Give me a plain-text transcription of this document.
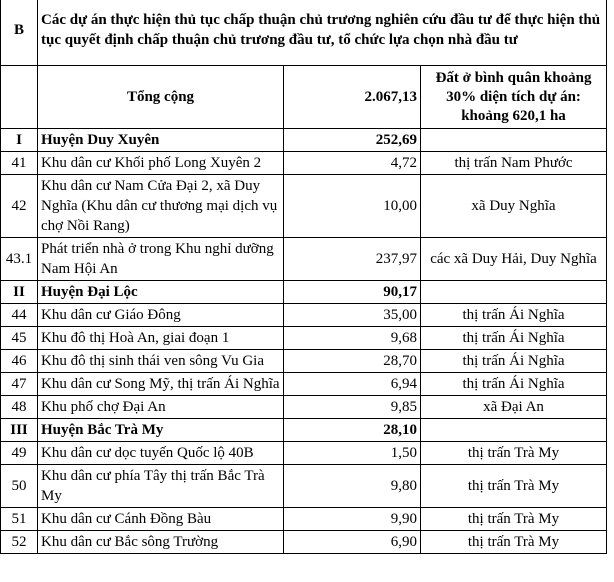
B	Các dự án thực hiện thủ tục chấp thuận chủ trương nghiên cứu đầu tư để thực hiện thủ tục quyết định chấp thuận chủ trương đầu tư, tổ chức lựa chọn nhà đầu tư		
	Tổng cộng	2.067,13	Đất ở bình quân khoảng 30% diện tích dự án: khoảng 620,1 ha
I	Huyện Duy Xuyên	252,69	
41	Khu dân cư Khối phố Long Xuyên 2	4,72	thị trấn Nam Phước
42	Khu dân cư Nam Cửa Đại 2, xã Duy Nghĩa (Khu dân cư thương mại dịch vụ chợ Nồi Rang)	10,00	xã Duy Nghĩa
43.1	Phát triển nhà ở trong Khu nghỉ dưỡng Nam Hội An	237,97	các xã Duy Hải, Duy Nghĩa
II	Huyện Đại Lộc	90,17	
44	Khu dân cư Giáo Đông	35,00	thị trấn Ái Nghĩa
45	Khu đô thị Hoà An, giai đoạn 1	9,68	thị trấn Ái Nghĩa
46	Khu đô thị sinh thái ven sông Vu Gia	28,70	thị trấn Ái Nghĩa
47	Khu dân cư Song Mỹ, thị trấn Ái Nghĩa	6,94	thị trấn Ái Nghĩa
48	Khu phố chợ Đại An	9,85	xã Đại An
III	Huyện Bắc Trà My	28,10	
49	Khu dân cư dọc tuyến Quốc lộ 40B	1,50	thị trấn Trà My
50	Khu dân cư phía Tây thị trấn Bắc Trà My	9,80	thị trấn Trà My
51	Khu dân cư Cánh Đồng Bàu	9,90	thị trấn Trà My
52	Khu dân cư Bắc sông Trường	6,90	thị trấn Trà My
